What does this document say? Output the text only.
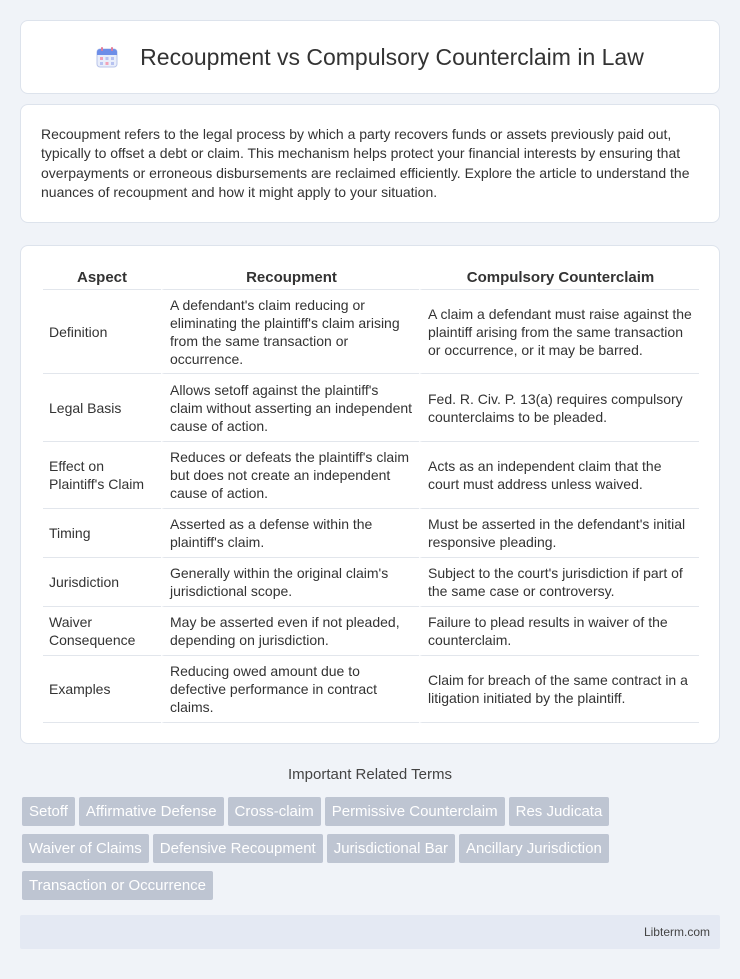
Recoupment vs Compulsory Counterclaim in Law

Recoupment refers to the legal process by which a party recovers funds or assets previously paid out, typically to offset a debt or claim. This mechanism helps protect your financial interests by ensuring that overpayments or erroneous disbursements are reclaimed efficiently. Explore the article to understand the nuances of recoupment and how it might apply to your situation.

Aspect	Recoupment	Compulsory Counterclaim
Definition	A defendant's claim reducing or eliminating the plaintiff's claim arising from the same transaction or occurrence.	A claim a defendant must raise against the plaintiff arising from the same transaction or occurrence, or it may be barred.
Legal Basis	Allows setoff against the plaintiff's claim without asserting an independent cause of action.	Fed. R. Civ. P. 13(a) requires compulsory counterclaims to be pleaded.
Effect on Plaintiff's Claim	Reduces or defeats the plaintiff's claim but does not create an independent cause of action.	Acts as an independent claim that the court must address unless waived.
Timing	Asserted as a defense within the plaintiff's claim.	Must be asserted in the defendant's initial responsive pleading.
Jurisdiction	Generally within the original claim's jurisdictional scope.	Subject to the court's jurisdiction if part of the same case or controversy.
Waiver Consequence	May be asserted even if not pleaded, depending on jurisdiction.	Failure to plead results in waiver of the counterclaim.
Examples	Reducing owed amount due to defective performance in contract claims.	Claim for breach of the same contract in a litigation initiated by the plaintiff.
Important Related Terms
Setoff Affirmative Defense Cross-claim Permissive Counterclaim Res Judicata
Waiver of Claims Defensive Recoupment Jurisdictional Bar Ancillary Jurisdiction
Transaction or Occurrence
Libterm.com
